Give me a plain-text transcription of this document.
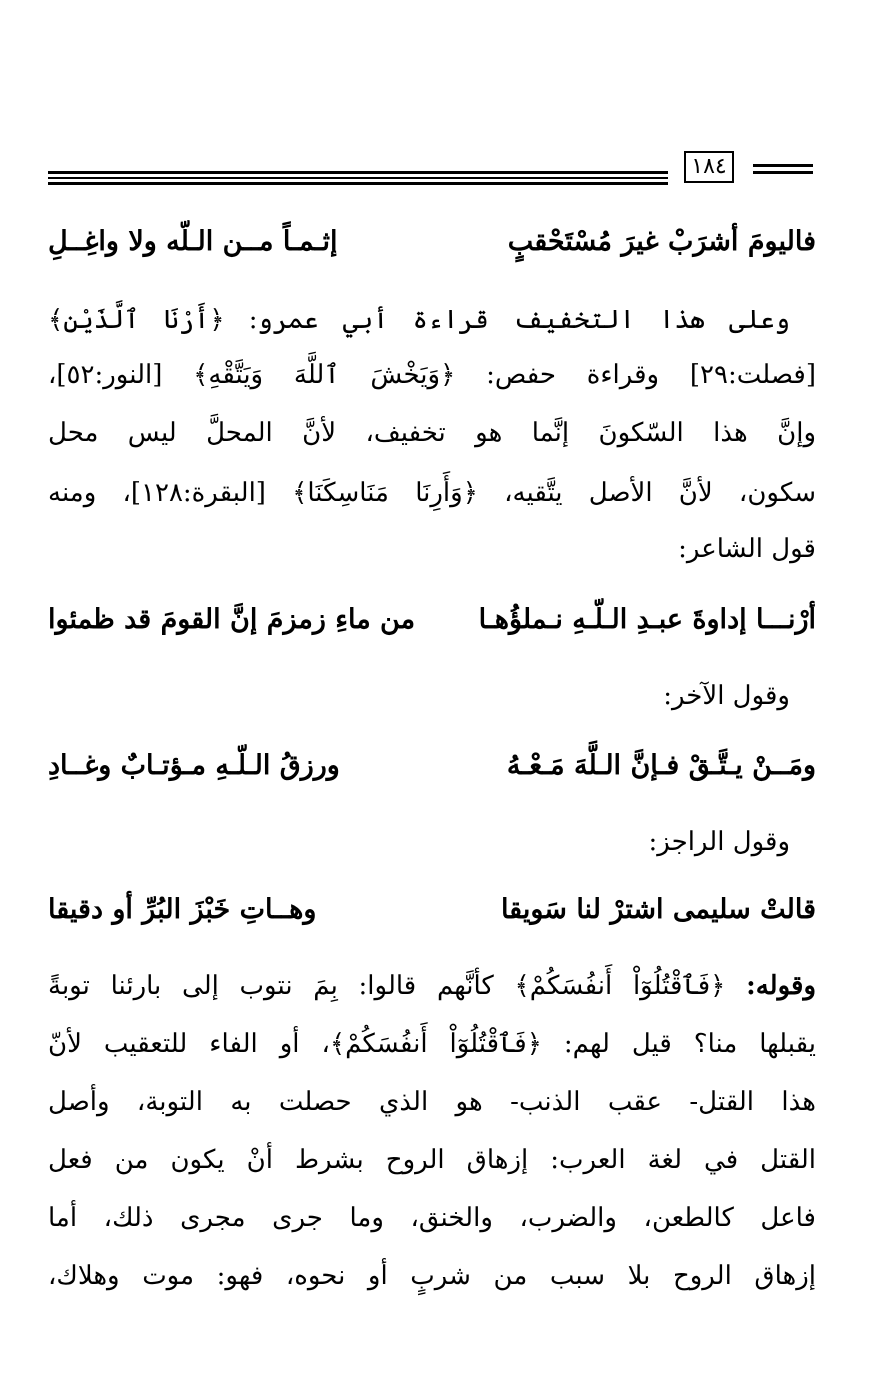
١٨٤
فاليومَ أشرَبْ غيرَ مُسْتَحْقبٍ
إثـمـاً مــن الـلّه ولا واغِــلِ
وعلى هذا التخفيف قراءة أبي عمرو: ﴿أَرْنَا ٱلَّذَيْنِ﴾
[فصلت:٢٩] وقراءة حفص: ﴿وَيَخْشَ ٱللَّهَ وَيَتَّقْهِ﴾ [النور:٥٢]،
وإنَّ هذا السّكونَ إنَّما هو تخفيف، لأنَّ المحلَّ ليس محل
سكون، لأنَّ الأصل يتَّقيه، ﴿وَأَرِنَا مَنَاسِكَنَا﴾ [البقرة:١٢٨]، ومنه
قول الشاعر:
أرْنـــا إداوةَ عبـدِ الـلّـهِ نـملؤُهـا
من ماءِ زمزمَ إنَّ القومَ قد ظمئوا
وقول الآخر:
ومَــنْ يـتَّـقْ فـإنَّ الـلَّهَ مَـعْـهُ
ورزقُ الـلّـهِ مـؤتـابٌ وغــادِ
وقول الراجز:
قالتْ سليمى اشترْ لنا سَويقا
وهــاتِ خَبْزَ البُرِّ أو دقيقا
وقوله: ﴿فَٱقْتُلُوٓاْ أَنفُسَكُمْ﴾ كأنَّهم قالوا: بِمَ نتوب إلى بارئنا توبةً
يقبلها منا؟ قيل لهم: ﴿فَٱقْتُلُوٓاْ أَنفُسَكُمْ﴾، أو الفاء للتعقيب لأنّ
هذا القتل- عقب الذنب- هو الذي حصلت به التوبة، وأصل
القتل في لغة العرب: إزهاق الروح بشرط أنْ يكون من فعل
فاعل كالطعن، والضرب، والخنق، وما جرى مجرى ذلك، أما
إزهاق الروح بلا سبب من شربٍ أو نحوه، فهو: موت وهلاك،
